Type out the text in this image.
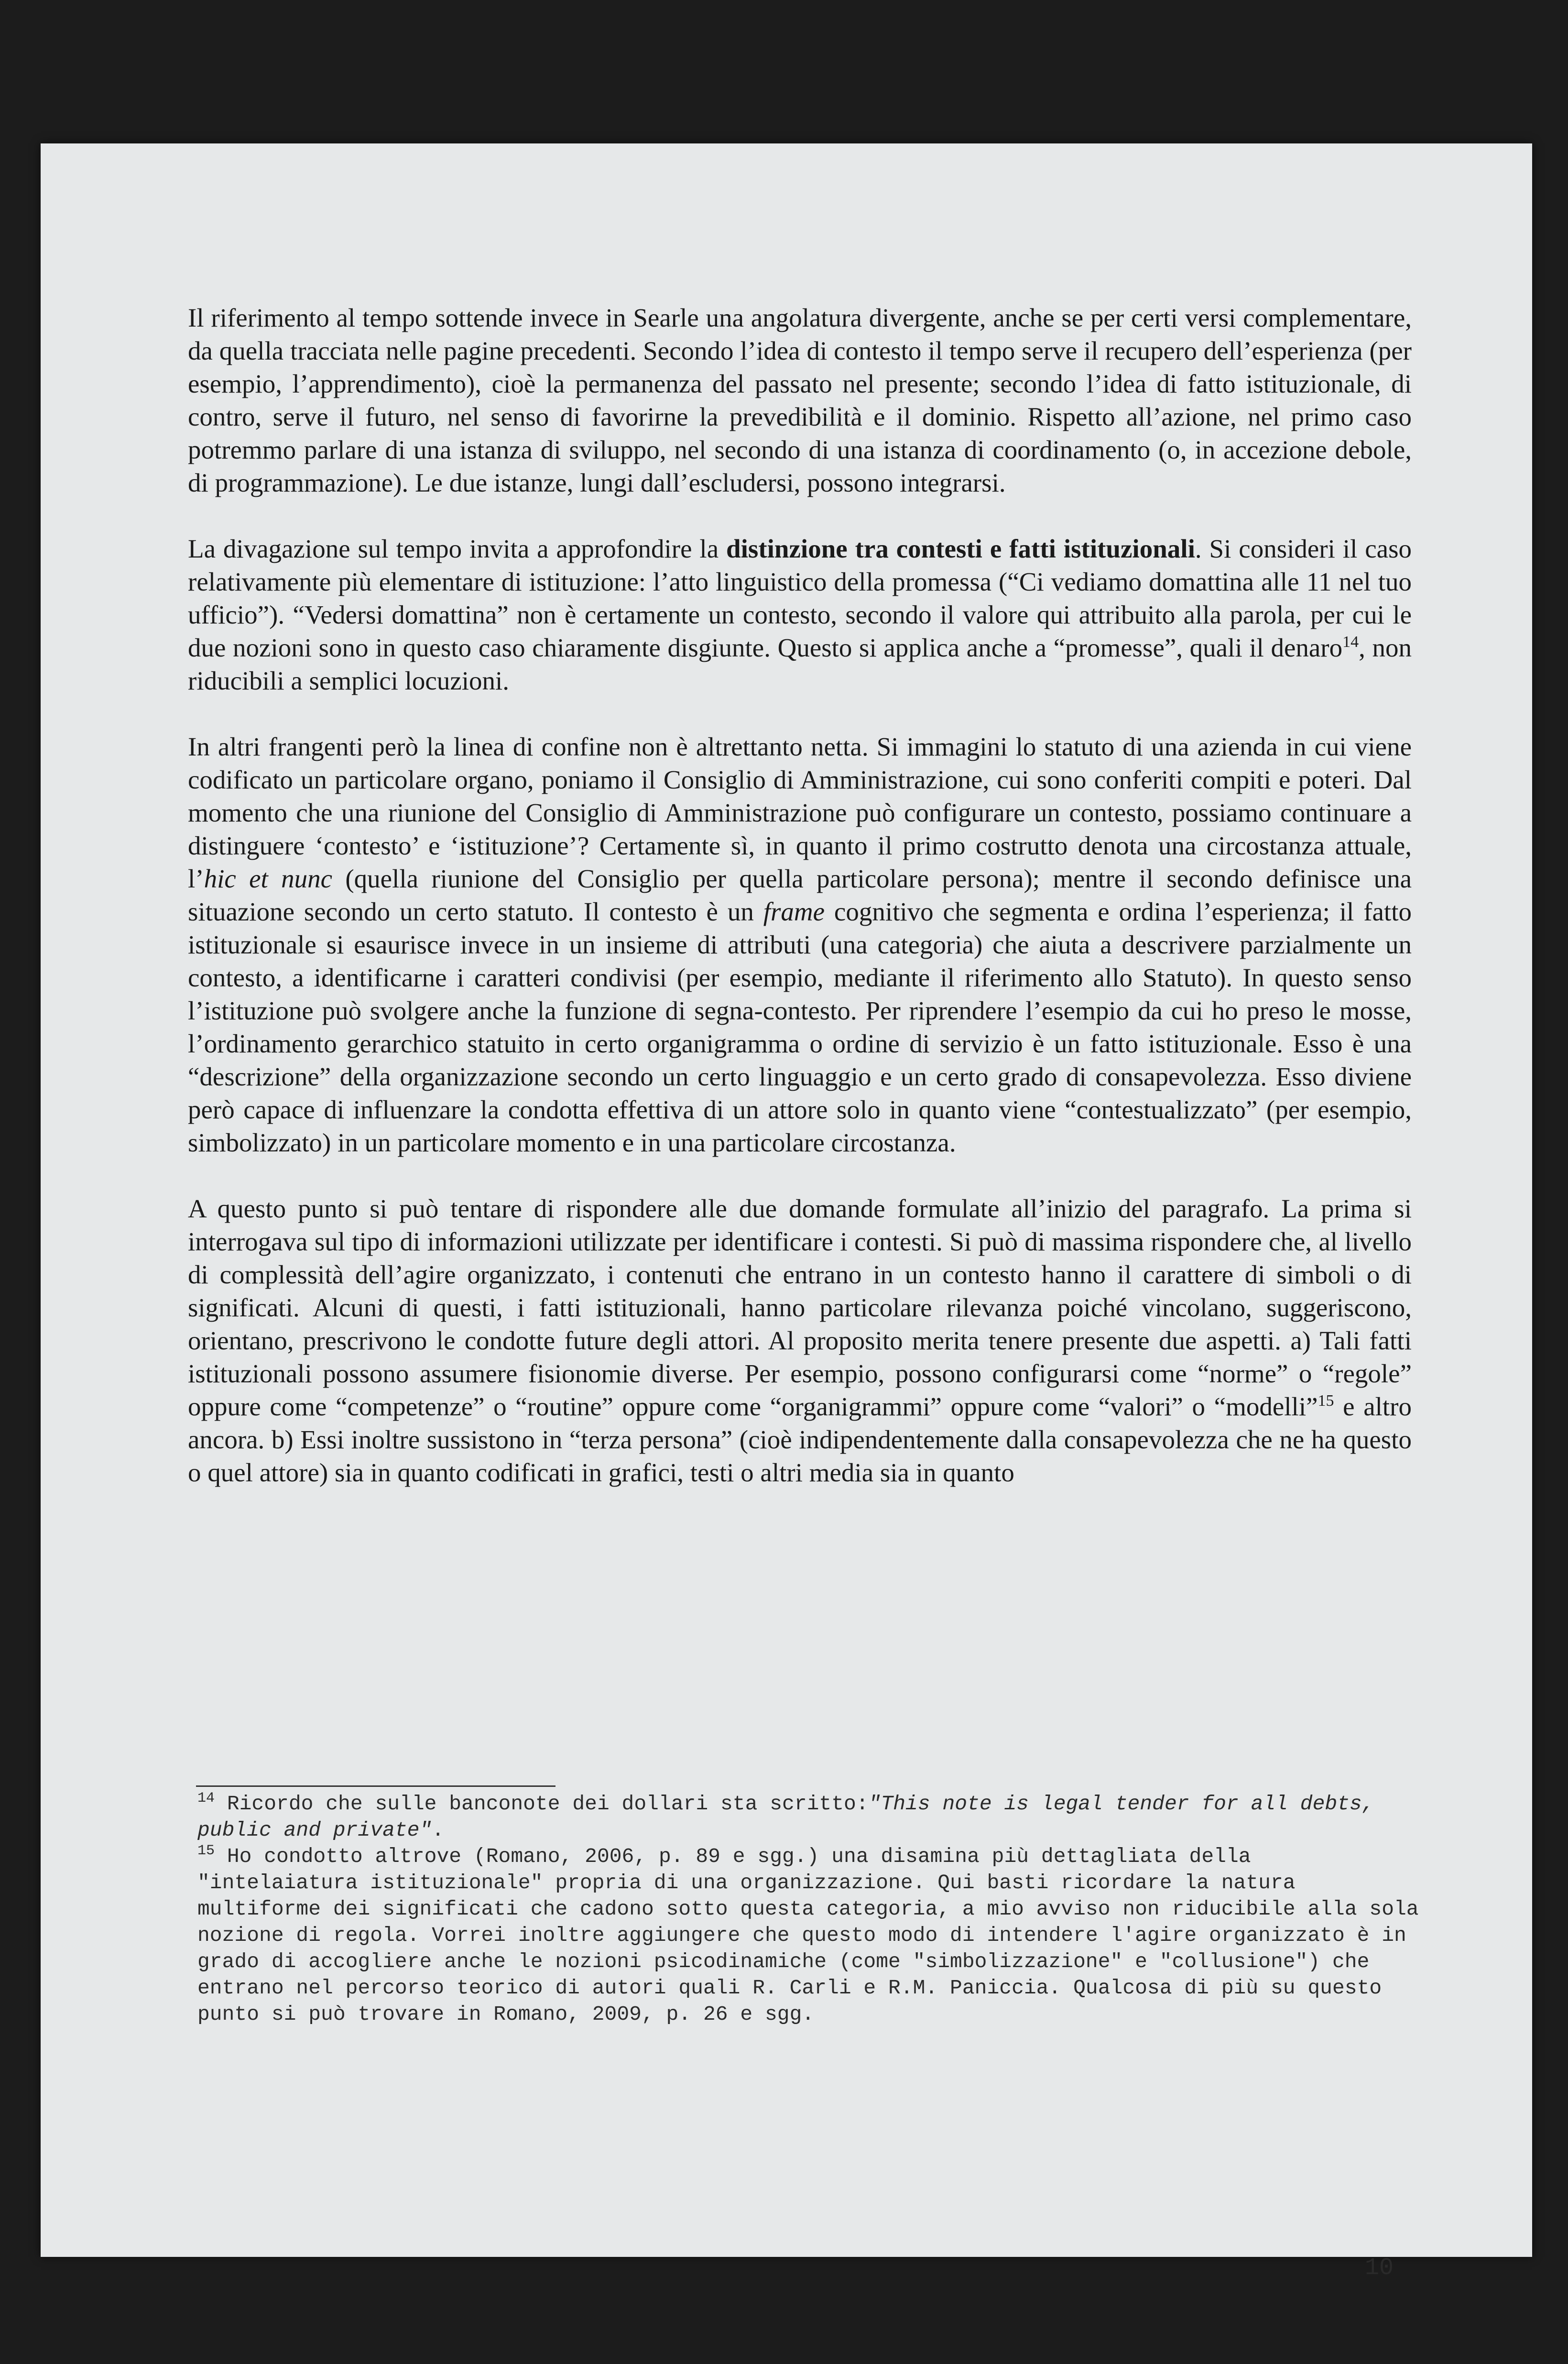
Il riferimento al tempo sottende invece in Searle una angolatura divergente, anche se per certi versi complementare, da quella tracciata nelle pagine precedenti. Secondo l’idea di contesto il tempo serve il recupero dell’esperienza (per esempio, l’apprendimento), cioè la permanenza del passato nel presente; secondo l’idea di fatto istituzionale, di contro, serve il futuro, nel senso di favorirne la prevedibilità e il dominio. Rispetto all’azione, nel primo caso potremmo parlare di una istanza di sviluppo, nel secondo di una istanza di coordinamento (o, in accezione debole, di programmazione). Le due istanze, lungi dall’escludersi, possono integrarsi.

La divagazione sul tempo invita a approfondire la distinzione tra contesti e fatti istituzionali. Si consideri il caso relativamente più elementare di istituzione: l’atto linguistico della promessa (“Ci vediamo domattina alle 11 nel tuo ufficio”). “Vedersi domattina” non è certamente un contesto, secondo il valore qui attribuito alla parola, per cui le due nozioni sono in questo caso chiaramente disgiunte. Questo si applica anche a “promesse”, quali il denaro$^{14}$, non riducibili a semplici locuzioni.

In altri frangenti però la linea di confine non è altrettanto netta. Si immagini lo statuto di una azienda in cui viene codificato un particolare organo, poniamo il Consiglio di Amministrazione, cui sono conferiti compiti e poteri. Dal momento che una riunione del Consiglio di Amministrazione può configurare un contesto, possiamo continuare a distinguere ‘contesto’ e ‘istituzione’? Certamente sì, in quanto il primo costrutto denota una circostanza attuale, l’hic et nunc (quella riunione del Consiglio per quella particolare persona); mentre il secondo definisce una situazione secondo un certo statuto. Il contesto è un frame cognitivo che segmenta e ordina l’esperienza; il fatto istituzionale si esaurisce invece in un insieme di attributi (una categoria) che aiuta a descrivere parzialmente un contesto, a identificarne i caratteri condivisi (per esempio, mediante il riferimento allo Statuto). In questo senso l’istituzione può svolgere anche la funzione di segna-contesto. Per riprendere l’esempio da cui ho preso le mosse, l’ordinamento gerarchico statuito in certo organigramma o ordine di servizio è un fatto istituzionale. Esso è una “descrizione” della organizzazione secondo un certo linguaggio e un certo grado di consapevolezza. Esso diviene però capace di influenzare la condotta effettiva di un attore solo in quanto viene “contestualizzato” (per esempio, simbolizzato) in un particolare momento e in una particolare circostanza.

A questo punto si può tentare di rispondere alle due domande formulate all’inizio del paragrafo. La prima si interrogava sul tipo di informazioni utilizzate per identificare i contesti. Si può di massima rispondere che, al livello di complessità dell’agire organizzato, i contenuti che entrano in un contesto hanno il carattere di simboli o di significati. Alcuni di questi, i fatti istituzionali, hanno particolare rilevanza poiché vincolano, suggeriscono, orientano, prescrivono le condotte future degli attori. Al proposito merita tenere presente due aspetti. a) Tali fatti istituzionali possono assumere fisionomie diverse. Per esempio, possono configurarsi come “norme” o “regole” oppure come “competenze” o “routine” oppure come “organigrammi” oppure come “valori” o “modelli”$^{15}$ e altro ancora. b) Essi inoltre sussistono in “terza persona” (cioè indipendentemente dalla consapevolezza che ne ha questo o quel attore) sia in quanto codificati in grafici, testi o altri media sia in quanto

$^{14}$ Ricordo che sulle banconote dei dollari sta scritto:"This note is legal tender for all debts, public and private".

$^{15}$ Ho condotto altrove (Romano, 2006, p. 89 e sgg.) una disamina più dettagliata della "intelaiatura istituzionale" propria di una organizzazione. Qui basti ricordare la natura multiforme dei significati che cadono sotto questa categoria, a mio avviso non riducibile alla sola nozione di regola. Vorrei inoltre aggiungere che questo modo di intendere l'agire organizzato è in grado di accogliere anche le nozioni psicodinamiche (come "simbolizzazione" e "collusione") che entrano nel percorso teorico di autori quali R. Carli e R.M. Paniccia. Qualcosa di più su questo punto si può trovare in Romano, 2009, p. 26 e sgg.

10
